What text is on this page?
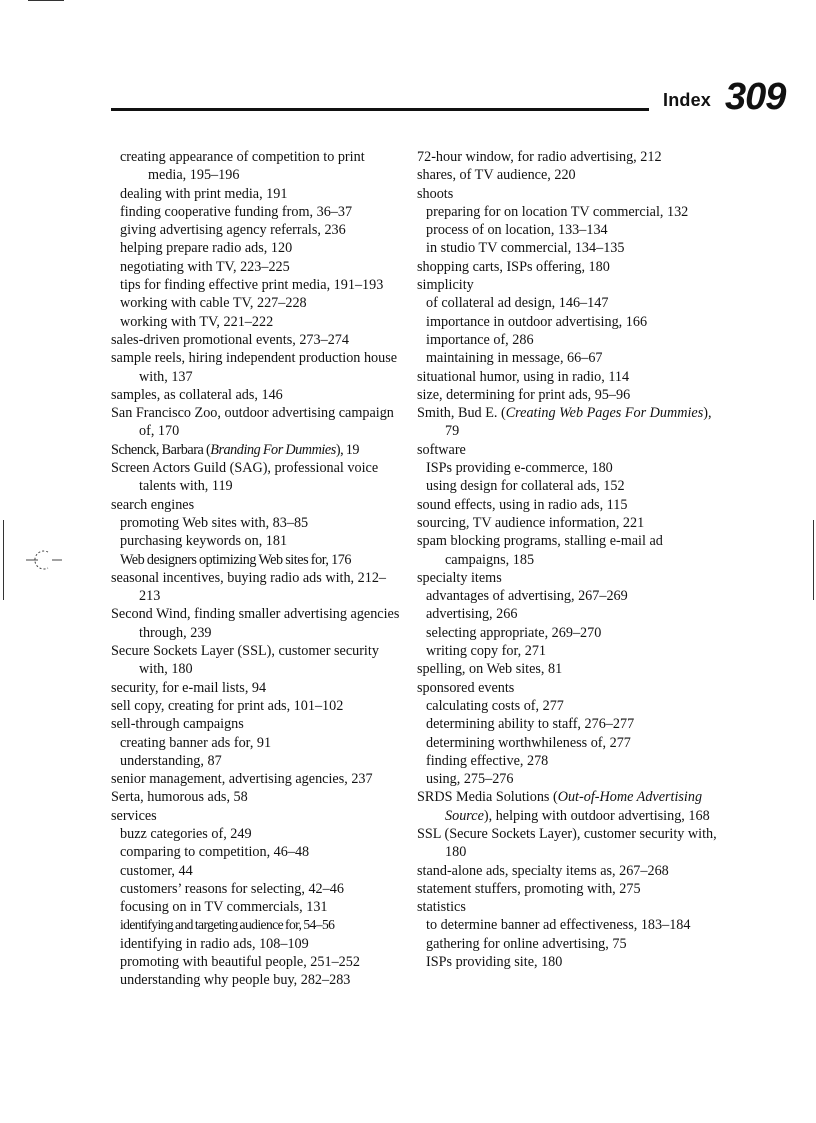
Index 309
creating appearance of competition to print media, 195–196
dealing with print media, 191
finding cooperative funding from, 36–37
giving advertising agency referrals, 236
helping prepare radio ads, 120
negotiating with TV, 223–225
tips for finding effective print media, 191–193
working with cable TV, 227–228
working with TV, 221–222
sales-driven promotional events, 273–274
sample reels, hiring independent production house with, 137
samples, as collateral ads, 146
San Francisco Zoo, outdoor advertising campaign of, 170
Schenck, Barbara (Branding For Dummies), 19
Screen Actors Guild (SAG), professional voice talents with, 119
search engines
promoting Web sites with, 83–85
purchasing keywords on, 181
Web designers optimizing Web sites for, 176
seasonal incentives, buying radio ads with, 212–213
Second Wind, finding smaller advertising agencies through, 239
Secure Sockets Layer (SSL), customer security with, 180
security, for e-mail lists, 94
sell copy, creating for print ads, 101–102
sell-through campaigns
creating banner ads for, 91
understanding, 87
senior management, advertising agencies, 237
Serta, humorous ads, 58
services
buzz categories of, 249
comparing to competition, 46–48
customer, 44
customers’ reasons for selecting, 42–46
focusing on in TV commercials, 131
identifying and targeting audience for, 54–56
identifying in radio ads, 108–109
promoting with beautiful people, 251–252
understanding why people buy, 282–283
72-hour window, for radio advertising, 212
shares, of TV audience, 220
shoots
preparing for on location TV commercial, 132
process of on location, 133–134
in studio TV commercial, 134–135
shopping carts, ISPs offering, 180
simplicity
of collateral ad design, 146–147
importance in outdoor advertising, 166
importance of, 286
maintaining in message, 66–67
situational humor, using in radio, 114
size, determining for print ads, 95–96
Smith, Bud E. (Creating Web Pages For Dummies), 79
software
ISPs providing e-commerce, 180
using design for collateral ads, 152
sound effects, using in radio ads, 115
sourcing, TV audience information, 221
spam blocking programs, stalling e-mail ad campaigns, 185
specialty items
advantages of advertising, 267–269
advertising, 266
selecting appropriate, 269–270
writing copy for, 271
spelling, on Web sites, 81
sponsored events
calculating costs of, 277
determining ability to staff, 276–277
determining worthwhileness of, 277
finding effective, 278
using, 275–276
SRDS Media Solutions (Out-of-Home Advertising Source), helping with outdoor advertising, 168
SSL (Secure Sockets Layer), customer security with, 180
stand-alone ads, specialty items as, 267–268
statement stuffers, promoting with, 275
statistics
to determine banner ad effectiveness, 183–184
gathering for online advertising, 75
ISPs providing site, 180
